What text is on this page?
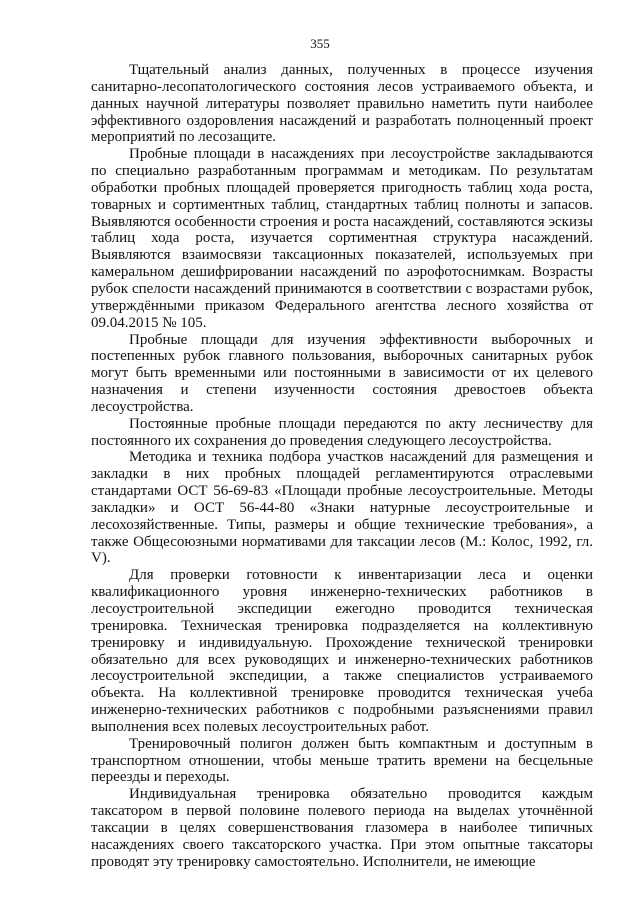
355

Тщательный анализ данных, полученных в процессе изучения санитарно-лесопатологического состояния лесов устраиваемого объекта, и данных научной литературы позволяет правильно наметить пути наиболее эффективного оздоровления насаждений и разработать полноценный проект мероприятий по лесозащите.

Пробные площади в насаждениях при лесоустройстве закладываются по специально разработанным программам и методикам. По результатам обработки пробных площадей проверяется пригодность таблиц хода роста, товарных и сортиментных таблиц, стандартных таблиц полноты и запасов. Выявляются особенности строения и роста насаждений, составляются эскизы таблиц хода роста, изучается сортиментная структура насаждений. Выявляются взаимосвязи таксационных показателей, используемых при камеральном дешифрировании насаждений по аэрофотоснимкам. Возрасты рубок спелости насаждений принимаются в соответствии с возрастами рубок, утверждёнными приказом Федерального агентства лесного хозяйства от 09.04.2015 № 105.

Пробные площади для изучения эффективности выборочных и постепенных рубок главного пользования, выборочных санитарных рубок могут быть временными или постоянными в зависимости от их целевого назначения и степени изученности состояния древостоев объекта лесоустройства.

Постоянные пробные площади передаются по акту лесничеству для постоянного их сохранения до проведения следующего лесоустройства.

Методика и техника подбора участков насаждений для размещения и закладки в них пробных площадей регламентируются отраслевыми стандартами ОСТ 56-69-83 «Площади пробные лесоустроительные. Методы закладки» и ОСТ 56-44-80 «Знаки натурные лесоустроительные и лесохозяйственные. Типы, размеры и общие технические требования», а также Общесоюзными нормативами для таксации лесов (М.: Колос, 1992, гл. V).

Для проверки готовности к инвентаризации леса и оценки квалификационного уровня инженерно-технических работников в лесоустроительной экспедиции ежегодно проводится техническая тренировка. Техническая тренировка подразделяется на коллективную тренировку и индивидуальную. Прохождение технической тренировки обязательно для всех руководящих и инженерно-технических работников лесоустроительной экспедиции, а также специалистов устраиваемого объекта. На коллективной тренировке проводится техническая учеба инженерно-технических работников с подробными разъяснениями правил выполнения всех полевых лесоустроительных работ.

Тренировочный полигон должен быть компактным и доступным в транспортном отношении, чтобы меньше тратить времени на бесцельные переезды и переходы.

Индивидуальная тренировка обязательно проводится каждым таксатором в первой половине полевого периода на выделах уточнённой таксации в целях совершенствования глазомера в наиболее типичных насаждениях своего таксаторского участка. При этом опытные таксаторы проводят эту тренировку самостоятельно. Исполнители, не имеющие
